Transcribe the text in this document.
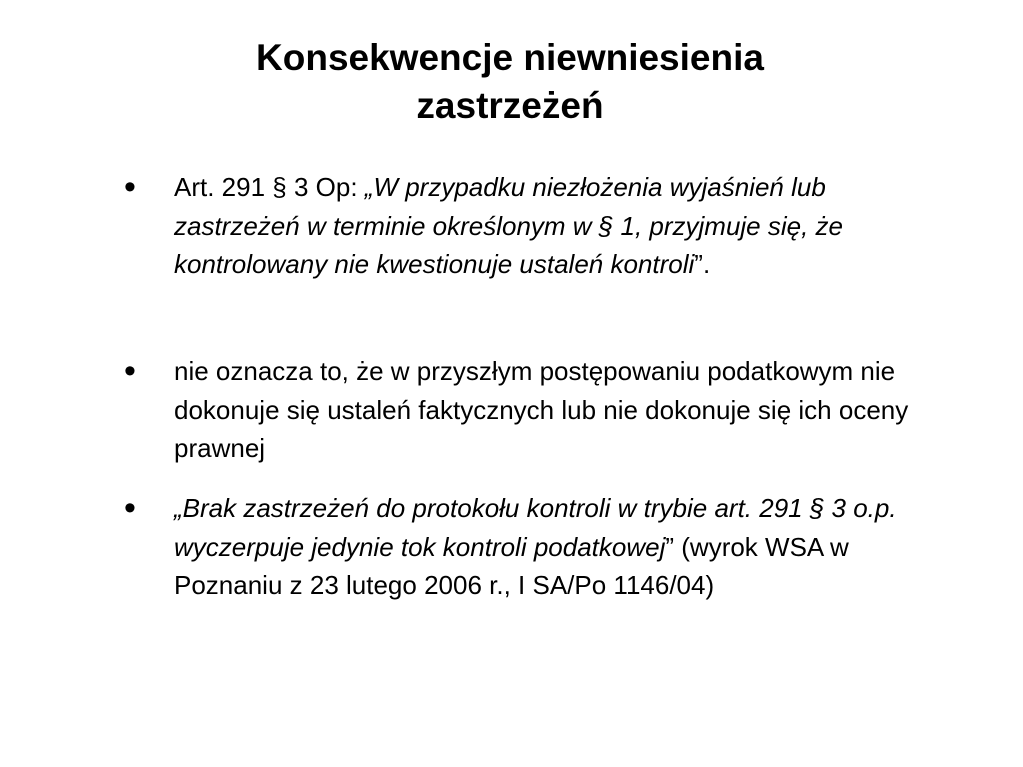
Konsekwencje niewniesienia
zastrzeżeń
• Art. 291 § 3 Op: „W przypadku niezłożenia wyjaśnień lub zastrzeżeń w terminie określonym w § 1, przyjmuje się, że kontrolowany nie kwestionuje ustaleń kontroli”.
• nie oznacza to, że w przyszłym postępowaniu podatkowym nie dokonuje się ustaleń faktycznych lub nie dokonuje się ich oceny prawnej
• „Brak zastrzeżeń do protokołu kontroli w trybie art. 291 § 3 o.p. wyczerpuje jedynie tok kontroli podatkowej” (wyrok WSA w Poznaniu z 23 lutego 2006 r., I SA/Po 1146/04)
